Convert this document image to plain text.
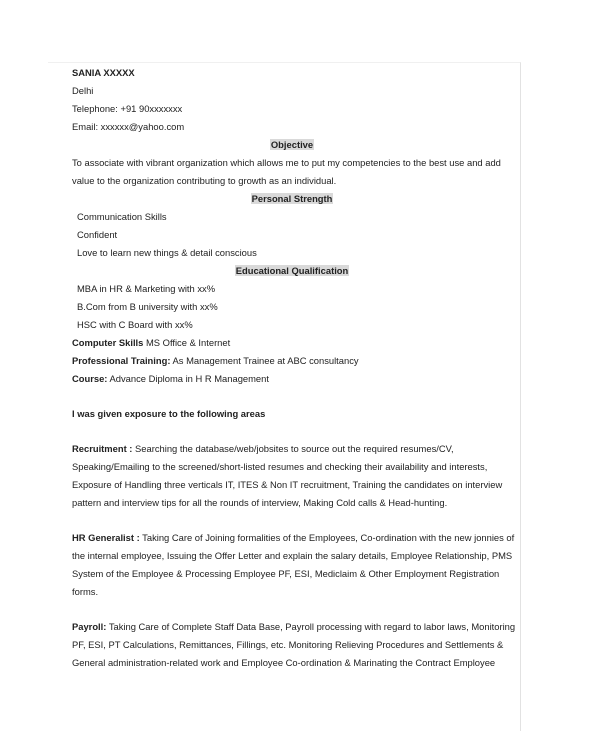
SANIA XXXXX
Delhi
Telephone: +91 90xxxxxxx
Email: xxxxxx@yahoo.com
Objective
To associate with vibrant organization which allows me to put my competencies to the best use and add
value to the organization contributing to growth as an individual.
Personal Strength
Communication Skills
Confident
Love to learn new things & detail conscious
Educational Qualification
MBA in HR & Marketing with xx%
B.Com from B university with xx%
HSC with C Board with xx%
Computer Skills MS Office & Internet
Professional Training: As Management Trainee at ABC consultancy
Course: Advance Diploma in H R Management
I was given exposure to the following areas
Recruitment : Searching the database/web/jobsites to source out the required resumes/CV,
Speaking/Emailing to the screened/short-listed resumes and checking their availability and interests,
Exposure of Handling three verticals IT, ITES & Non IT recruitment, Training the candidates on interview
pattern and interview tips for all the rounds of interview, Making Cold calls & Head-hunting.
HR Generalist : Taking Care of Joining formalities of the Employees, Co-ordination with the new jonnies of
the internal employee, Issuing the Offer Letter and explain the salary details, Employee Relationship, PMS
System of the Employee & Processing Employee PF, ESI, Mediclaim & Other Employment Registration
forms.
Payroll: Taking Care of Complete Staff Data Base, Payroll processing with regard to labor laws, Monitoring
PF, ESI, PT Calculations, Remittances, Fillings, etc. Monitoring Relieving Procedures and Settlements &
General administration-related work and Employee Co-ordination & Marinating the Contract Employee
